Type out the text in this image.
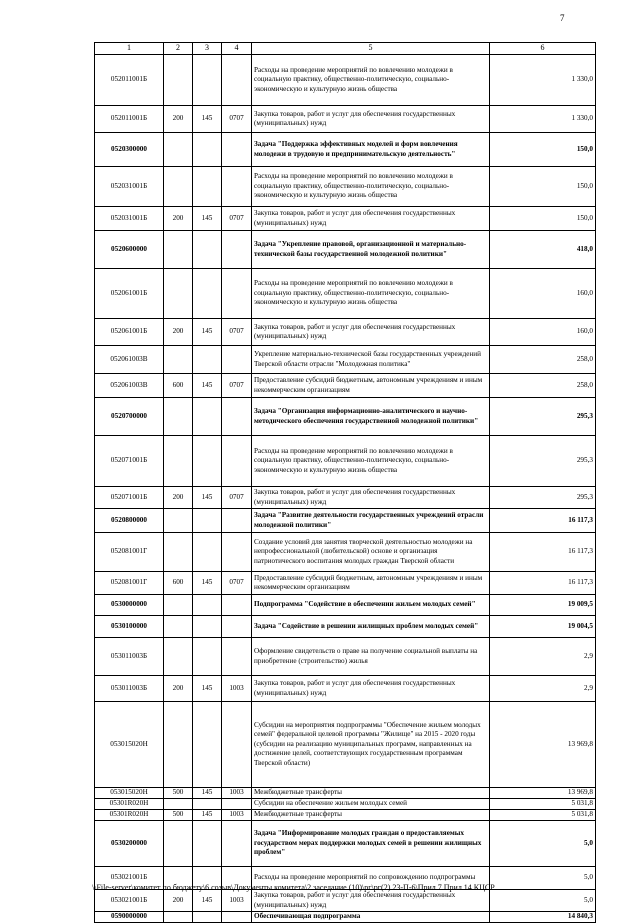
7
1	2	3	4	5	6
052011001Б				Расходы на проведение мероприятий по вовлечению молодежи в социальную практику, общественно-политическую, социально-экономическую и культурную жизнь общества	1 330,0
052011001Б	200	145	0707	Закупка товаров, работ и услуг для обеспечения государственных (муниципальных) нужд	1 330,0
0520300000				Задача "Поддержка эффективных моделей и форм вовлечения молодежи в трудовую и предпринимательскую деятельность"	150,0
052031001Б				Расходы на проведение мероприятий по вовлечению молодежи в социальную практику, общественно-политическую, социально-экономическую и культурную жизнь общества	150,0
052031001Б	200	145	0707	Закупка товаров, работ и услуг для обеспечения государственных (муниципальных) нужд	150,0
0520600000				Задача "Укрепление правовой, организационной и материально-технической базы государственной молодежной политики"	418,0
052061001Б				Расходы на проведение мероприятий по вовлечению молодежи в социальную практику, общественно-политическую, социально-экономическую и культурную жизнь общества	160,0
052061001Б	200	145	0707	Закупка товаров, работ и услуг для обеспечения государственных (муниципальных) нужд	160,0
052061003В				Укрепление материально-технической базы государственных учреждений Тверской области отрасли "Молодежная политика"	258,0
052061003В	600	145	0707	Предоставление субсидий бюджетным, автономным учреждениям и иным некоммерческим организациям	258,0
0520700000				Задача "Организация информационно-аналитического и научно-методического обеспечения государственной молодежной политики"	295,3
052071001Б				Расходы на проведение мероприятий по вовлечению молодежи в социальную практику, общественно-политическую, социально-экономическую и культурную жизнь общества	295,3
052071001Б	200	145	0707	Закупка товаров, работ и услуг для обеспечения государственных (муниципальных) нужд	295,3
0520800000				Задача "Развитие деятельности государственных учреждений отрасли молодежной политики"	16 117,3
052081001Г				Создание условий для занятия творческой деятельностью молодежи на непрофессиональной (любительской) основе и организация патриотического воспитания молодых граждан Тверской области	16 117,3
052081001Г	600	145	0707	Предоставление субсидий бюджетным, автономным учреждениям и иным некоммерческим организациям	16 117,3
0530000000				Подпрограмма "Содействие в обеспечении жильем молодых семей"	19 009,5
0530100000				Задача "Содействие в решении жилищных проблем молодых семей"	19 004,5
053011003Б				Оформление свидетельств о праве на получение социальной выплаты на приобретение (строительство) жилья	2,9
053011003Б	200	145	1003	Закупка товаров, работ и услуг для обеспечения государственных (муниципальных) нужд	2,9
053015020Н				Субсидии на мероприятия подпрограммы "Обеспечение жильем молодых семей" федеральной целевой программы "Жилище" на 2015 - 2020 годы (субсидии на реализацию муниципальных программ, направленных на достижение целей, соответствующих государственным программам Тверской области)	13 969,8
053015020Н	500	145	1003	Межбюджетные трансферты	13 969,8
05301R020Н				Субсидии на обеспечение жильем молодых семей	5 031,8
05301R020Н	500	145	1003	Межбюджетные трансферты	5 031,8
0530200000				Задача "Информирование молодых граждан о предоставляемых государством мерах поддержки молодых семей в решении жилищных проблем"	5,0
053021001Б				Расходы на проведение мероприятий по сопровождению подпрограммы	5,0
053021001Б	200	145	1003	Закупка товаров, работ и услуг для обеспечения государственных (муниципальных) нужд	5,0
0590000000				Обеспечивающая подпрограмма	14 840,3
\\File-server\комитет по бюджету\6 созыв\Документы комитета\2 заседание (10)\рг\рг(2) 23-П-6\Прил 7 Прил 14 КЦСР
